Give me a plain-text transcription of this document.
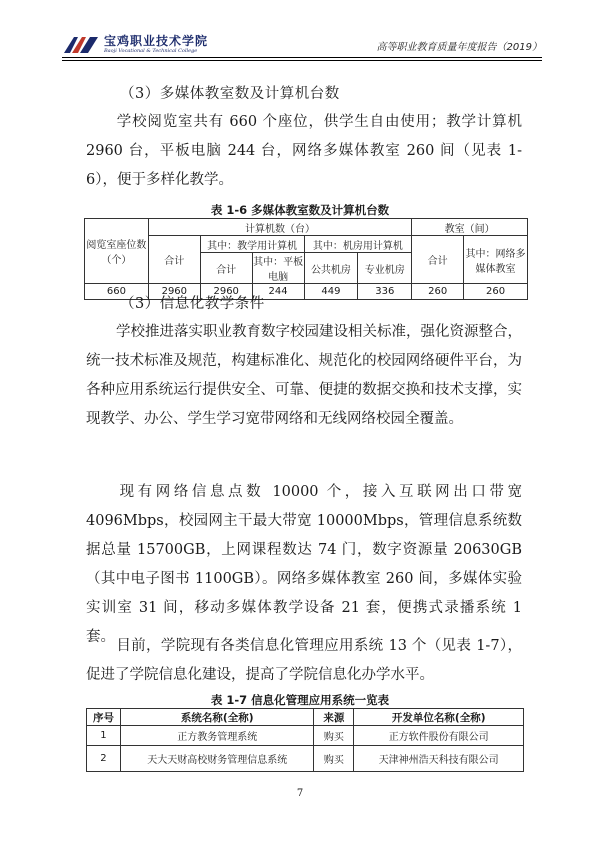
宝鸡职业技术学院
Baoji Vocational & Technical College	高等职业教育质量年度报告（2019）
（3）多媒体教室数及计算机台数
学校阅览室共有 660 个座位，供学生自由使用；教学计算机 2960 台，平板电脑 244 台，网络多媒体教室 260 间（见表 1-6），便于多样化教学。
表 1-6 多媒体教室数及计算机台数
阅览室座位数（个）	计算机数（台）					教室（间）	
	合计	其中：教学用计算机		其中：机房用计算机		合计	其中：网络多媒体教室
		合计	其中：平板电脑	公共机房	专业机房		
660	2960	2960	244	449	336	260	260
（3）信息化教学条件
学校推进落实职业教育数字校园建设相关标准，强化资源整合，统一技术标准及规范，构建标准化、规范化的校园网络硬件平台，为各种应用系统运行提供安全、可靠、便捷的数据交换和技术支撑，实现教学、办公、学生学习宽带网络和无线网络校园全覆盖。
现有网络信息点数 10000 个，接入互联网出口带宽 4096Mbps，校园网主干最大带宽 10000Mbps，管理信息系统数据总量 15700GB，上网课程数达 74 门，数字资源量 20630GB（其中电子图书 1100GB）。网络多媒体教室 260 间，多媒体实验实训室 31 间，移动多媒体教学设备 21 套，便携式录播系统 1 套。
目前，学院现有各类信息化管理应用系统 13 个（见表 1-7），促进了学院信息化建设，提高了学院信息化办学水平。
表 1-7 信息化管理应用系统一览表
序号	系统名称(全称)	来源	开发单位名称(全称)
1	正方教务管理系统	购买	正方软件股份有限公司
2	天大天财高校财务管理信息系统	购买	天津神州浩天科技有限公司
7
